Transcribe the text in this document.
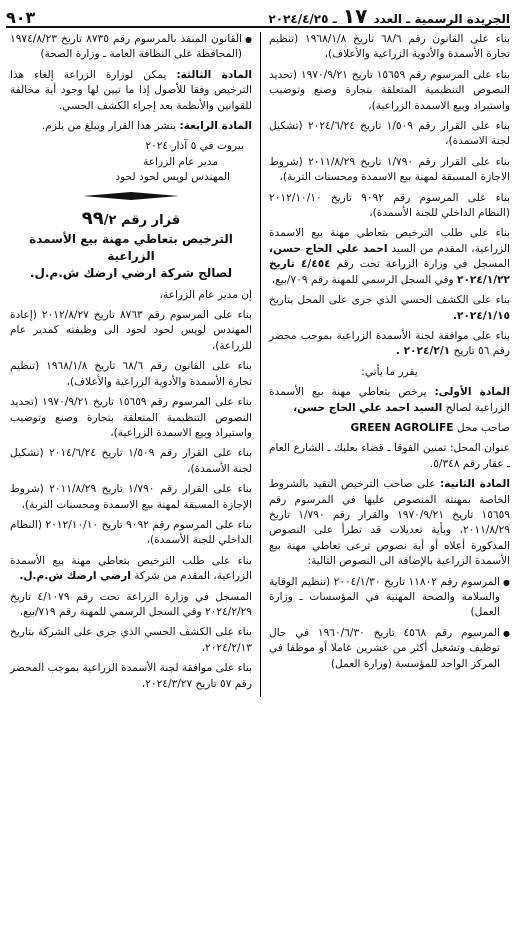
الجريدة الرسمية ـ العدد ١٧ ـ ٢٠٢٤/٤/٢٥
٩٠٣

بناء على القانون رقم ٦٨/٦ تاريخ ١٩٦٨/١/٨ (تنظيم تجارة الأسمدة والأدوية الزراعية والأعلاف)،

بناء على المرسوم رقم ١٥٦٥٩ تاريخ ١٩٧٠/٩/٢١ (تحديد النصوص التنظيمية المتعلقة بتجارة وصنع وتوضيب واستيراد وبيع الاسمدة الزراعية)،

بناء على القرار رقم ١/٥٠٩ تاريخ ٢٠٢٤/٦/٢٤ (تشكيل لجنة الاسمدة)،

بناء على القرار رقم ١/٧٩٠ تاريخ ٢٠١١/٨/٢٩ (شروط الاجازة المسبقة لمهنة بيع الاسمدة ومحسنات التربة)،

بناء على المرسوم رقم ٩٠٩٢ تاريخ ٢٠١٢/١٠/١٠ (النظام الداخلي للجنة الأسمدة)،

بناء على طلب الترخيص بتعاطي مهنة بيع الاسمدة الزراعية، المقدم من السيد احمد علي الحاج حسن، المسجل في وزارة الزراعة تحت رقم ٤/٤٥٤ تاريخ ٢٠٢٤/١/٢٢ وفي السجل الرسمي للمهنة رقم ٧٠٩/بيع،

بناء على الكشف الحسي الذي جرى على المحل بتاريخ ٢٠٢٤/١/١٥.

بناء على موافقة لجنة الأسمدة الزراعية بموجب محضر رقم ٥٦ تاريخ ٢٠٢٤/٢/١ .

يقرر ما يأتي:

المادة الأولى: يرخص بتعاطي مهنة بيع الأسمدة الزراعية لصالح السيد احمد علي الحاج حسن،

صاحب محل GREEN AGROLIFE

عنوان المحل: تمنين الفوقا ـ قضاء بعلبك ـ الشارع العام ـ عقار رقم ٥/٣٤٨.

المادة الثانية: على صاحب الترخيص التقيد بالشروط الخاصة بمهنته المنصوص عليها في المرسوم رقم ١٥٦٥٩ تاريخ ١٩٧٠/٩/٢١ والقرار رقم ١/٧٩٠ تاريخ ٢٠١١/٨/٢٩، وبأية تعديلات قد تطرأ على النصوص المذكورة أعلاه أو أية نصوص ترعى تعاطي مهنة بيع الأسمدة الزراعية بالإضافة الى النصوص التالية:

● المرسوم رقم ١١٨٠٢ تاريخ ٢٠٠٤/١/٣٠ (تنظيم الوقاية والسلامة والصحة المهنية في المؤسسات ـ وزارة العمل)

● المرسوم رقم ٤٥٦٨ تاريخ ١٩٦٠/٦/٣٠ في حال توظيف وتشغيل أكثر من عشرين عاملا أو موظفا في المركز الواحد للمؤسسة (وزارة العمل)

● القانون المنفذ بالمرسوم رقم ٨٧٣٥ تاريخ ١٩٧٤/٨/٢٣ (المحافظة على النظافة العامة ـ وزارة الصحة)

المادة الثالثة: يمكن لوزارة الزراعة إلغاء هذا الترخيص وفقا للأصول إذا ما تبين لها وجود أية مخالفة للقوانين والأنظمة بعد إجراء الكشف الحسي.

المادة الرابعة: ينشر هذا القرار ويبلغ من يلزم.

بيروت في ٥ آذار ٢٠٢٤

مدير عام الزراعة

المهندس لويس لحود لحود

قرار رقم ٩٩/٢
الترخيص بتعاطي مهنة بيع الأسمدة الزراعية
لصالح شركة ارضي ارضك ش.م.ل.

إن مدير عام الزراعة،

بناء على المرسوم رقم ٨٧٦٣ تاريخ ٢٠١٢/٨/٢٧ (إعادة المهندس لويس لحود لحود الى وظيفته كمدير عام للزراعة)،

بناء على القانون رقم ٦٨/٦ تاريخ ١٩٦٨/١/٨ (تنظيم تجارة الأسمدة والأدوية الزراعية والأعلاف)،

بناء على المرسوم رقم ١٥٦٥٩ تاريخ ١٩٧٠/٩/٢١ (تحديد النصوص التنظيمية المتعلقة بتجارة وصنع وتوضيب واستيراد وبيع الاسمدة الزراعية)،

بناء على القرار رقم ١/٥٠٩ تاريخ ٢٠١٤/٦/٢٤ (تشكيل لجنة الأسمدة)،

بناء على القرار رقم ١/٧٩٠ تاريخ ٢٠١١/٨/٢٩ (شروط الإجازة المسبقة لمهنة بيع الاسمدة ومحسنات التربة)،

بناء على المرسوم رقم ٩٠٩٢ تاريخ ٢٠١٢/١٠/١٠ (النظام الداخلي للجنة الأسمدة)،

بناء على طلب الترخيص بتعاطي مهنة بيع الأسمدة الزراعية، المقدم من شركة ارضي ارضك ش.م.ل.

المسجل في وزارة الزراعة تحت رقم ٤/١٠٧٩ تاريخ ٢٠٢٤/٢/٢٩ وفي السجل الرسمي للمهنة رقم ٧١٩/بيع،

بناء على الكشف الحسي الذي جرى على الشركة بتاريخ ٢٠٢٤/٢/١٣،

بناء على موافقة لجنة الأسمدة الزراعية بموجب المحضر رقم ٥٧ تاريخ ٢٠٢٤/٣/٢٧،
